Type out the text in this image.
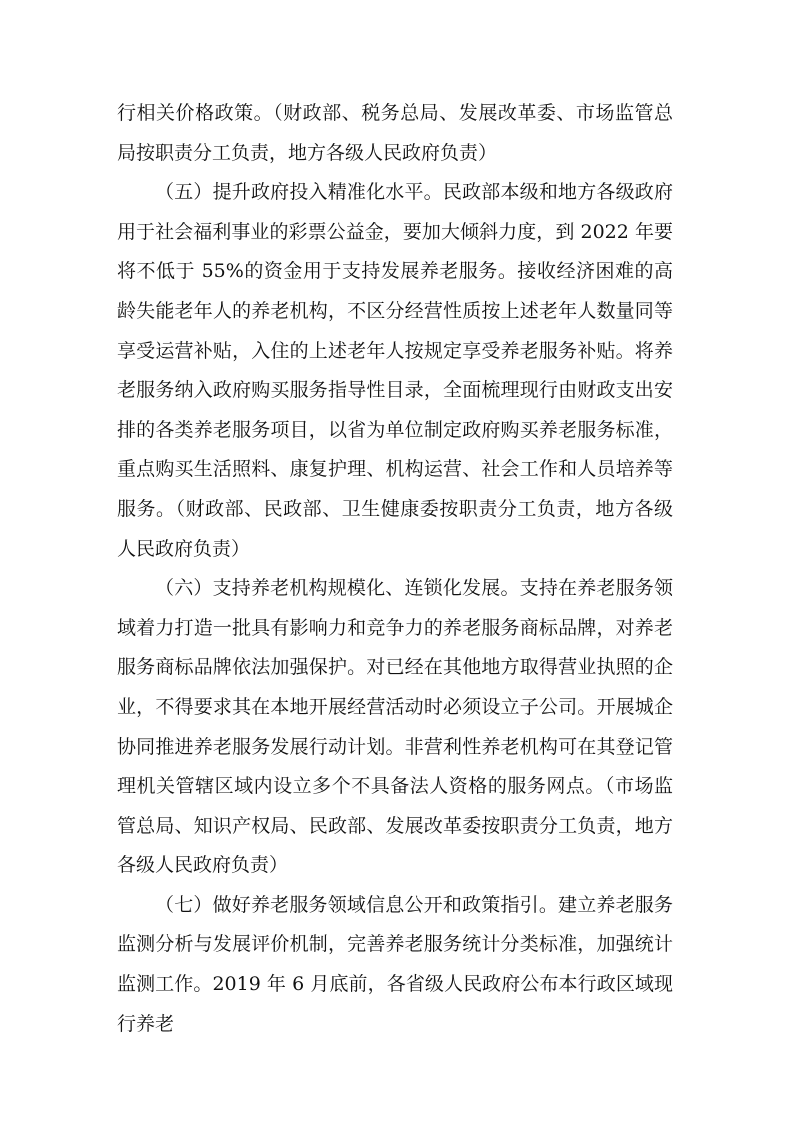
行相关价格政策。（财政部、税务总局、发展改革委、市场监管总局按职责分工负责，地方各级人民政府负责）

（五）提升政府投入精准化水平。民政部本级和地方各级政府用于社会福利事业的彩票公益金，要加大倾斜力度，到 2022 年要将不低于 55%的资金用于支持发展养老服务。接收经济困难的高龄失能老年人的养老机构，不区分经营性质按上述老年人数量同等享受运营补贴，入住的上述老年人按规定享受养老服务补贴。将养老服务纳入政府购买服务指导性目录，全面梳理现行由财政支出安排的各类养老服务项目，以省为单位制定政府购买养老服务标准，重点购买生活照料、康复护理、机构运营、社会工作和人员培养等服务。（财政部、民政部、卫生健康委按职责分工负责，地方各级人民政府负责）

（六）支持养老机构规模化、连锁化发展。支持在养老服务领域着力打造一批具有影响力和竞争力的养老服务商标品牌，对养老服务商标品牌依法加强保护。对已经在其他地方取得营业执照的企业，不得要求其在本地开展经营活动时必须设立子公司。开展城企协同推进养老服务发展行动计划。非营利性养老机构可在其登记管理机关管辖区域内设立多个不具备法人资格的服务网点。（市场监管总局、知识产权局、民政部、发展改革委按职责分工负责，地方各级人民政府负责）

（七）做好养老服务领域信息公开和政策指引。建立养老服务监测分析与发展评价机制，完善养老服务统计分类标准，加强统计监测工作。2019 年 6 月底前，各省级人民政府公布本行政区域现行养老
